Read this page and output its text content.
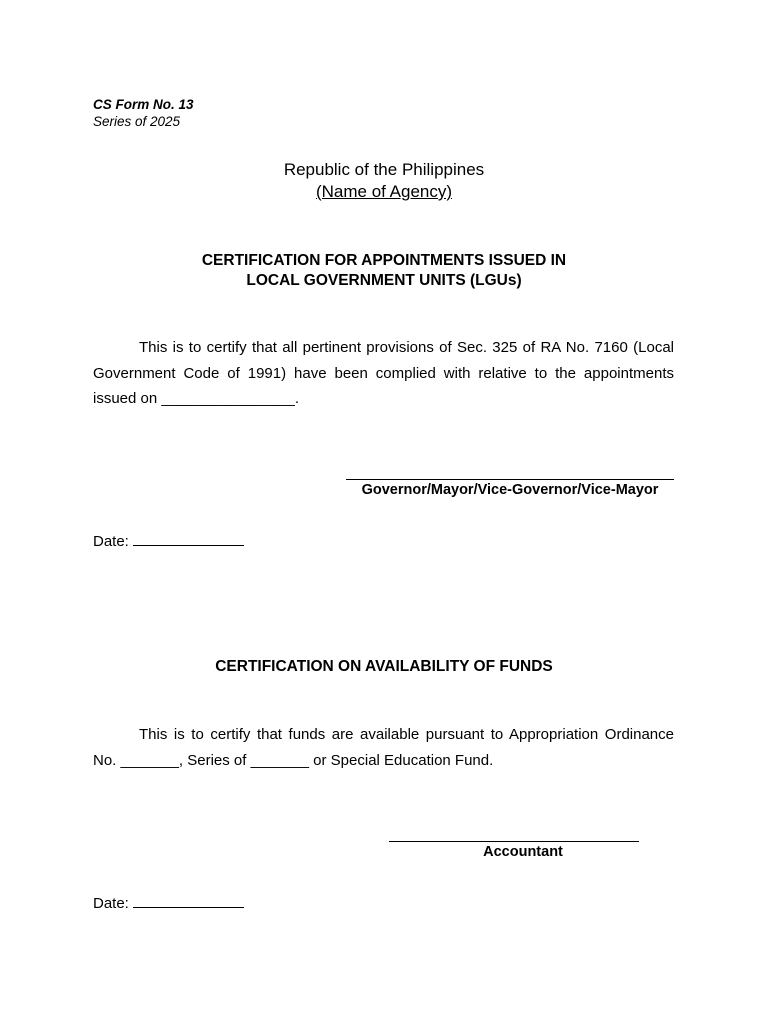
CS Form No. 13
Series of 2025
Republic of the Philippines
(Name of Agency)
CERTIFICATION FOR APPOINTMENTS ISSUED IN
LOCAL GOVERNMENT UNITS (LGUs)
This is to certify that all pertinent provisions of Sec. 325 of RA No. 7160 (Local Government Code of 1991) have been complied with relative to the appointments issued on ________________.
Governor/Mayor/Vice-Governor/Vice-Mayor
Date:
CERTIFICATION ON AVAILABILITY OF FUNDS
This is to certify that funds are available pursuant to Appropriation Ordinance No. _______, Series of _______ or Special Education Fund.
Accountant
Date:
